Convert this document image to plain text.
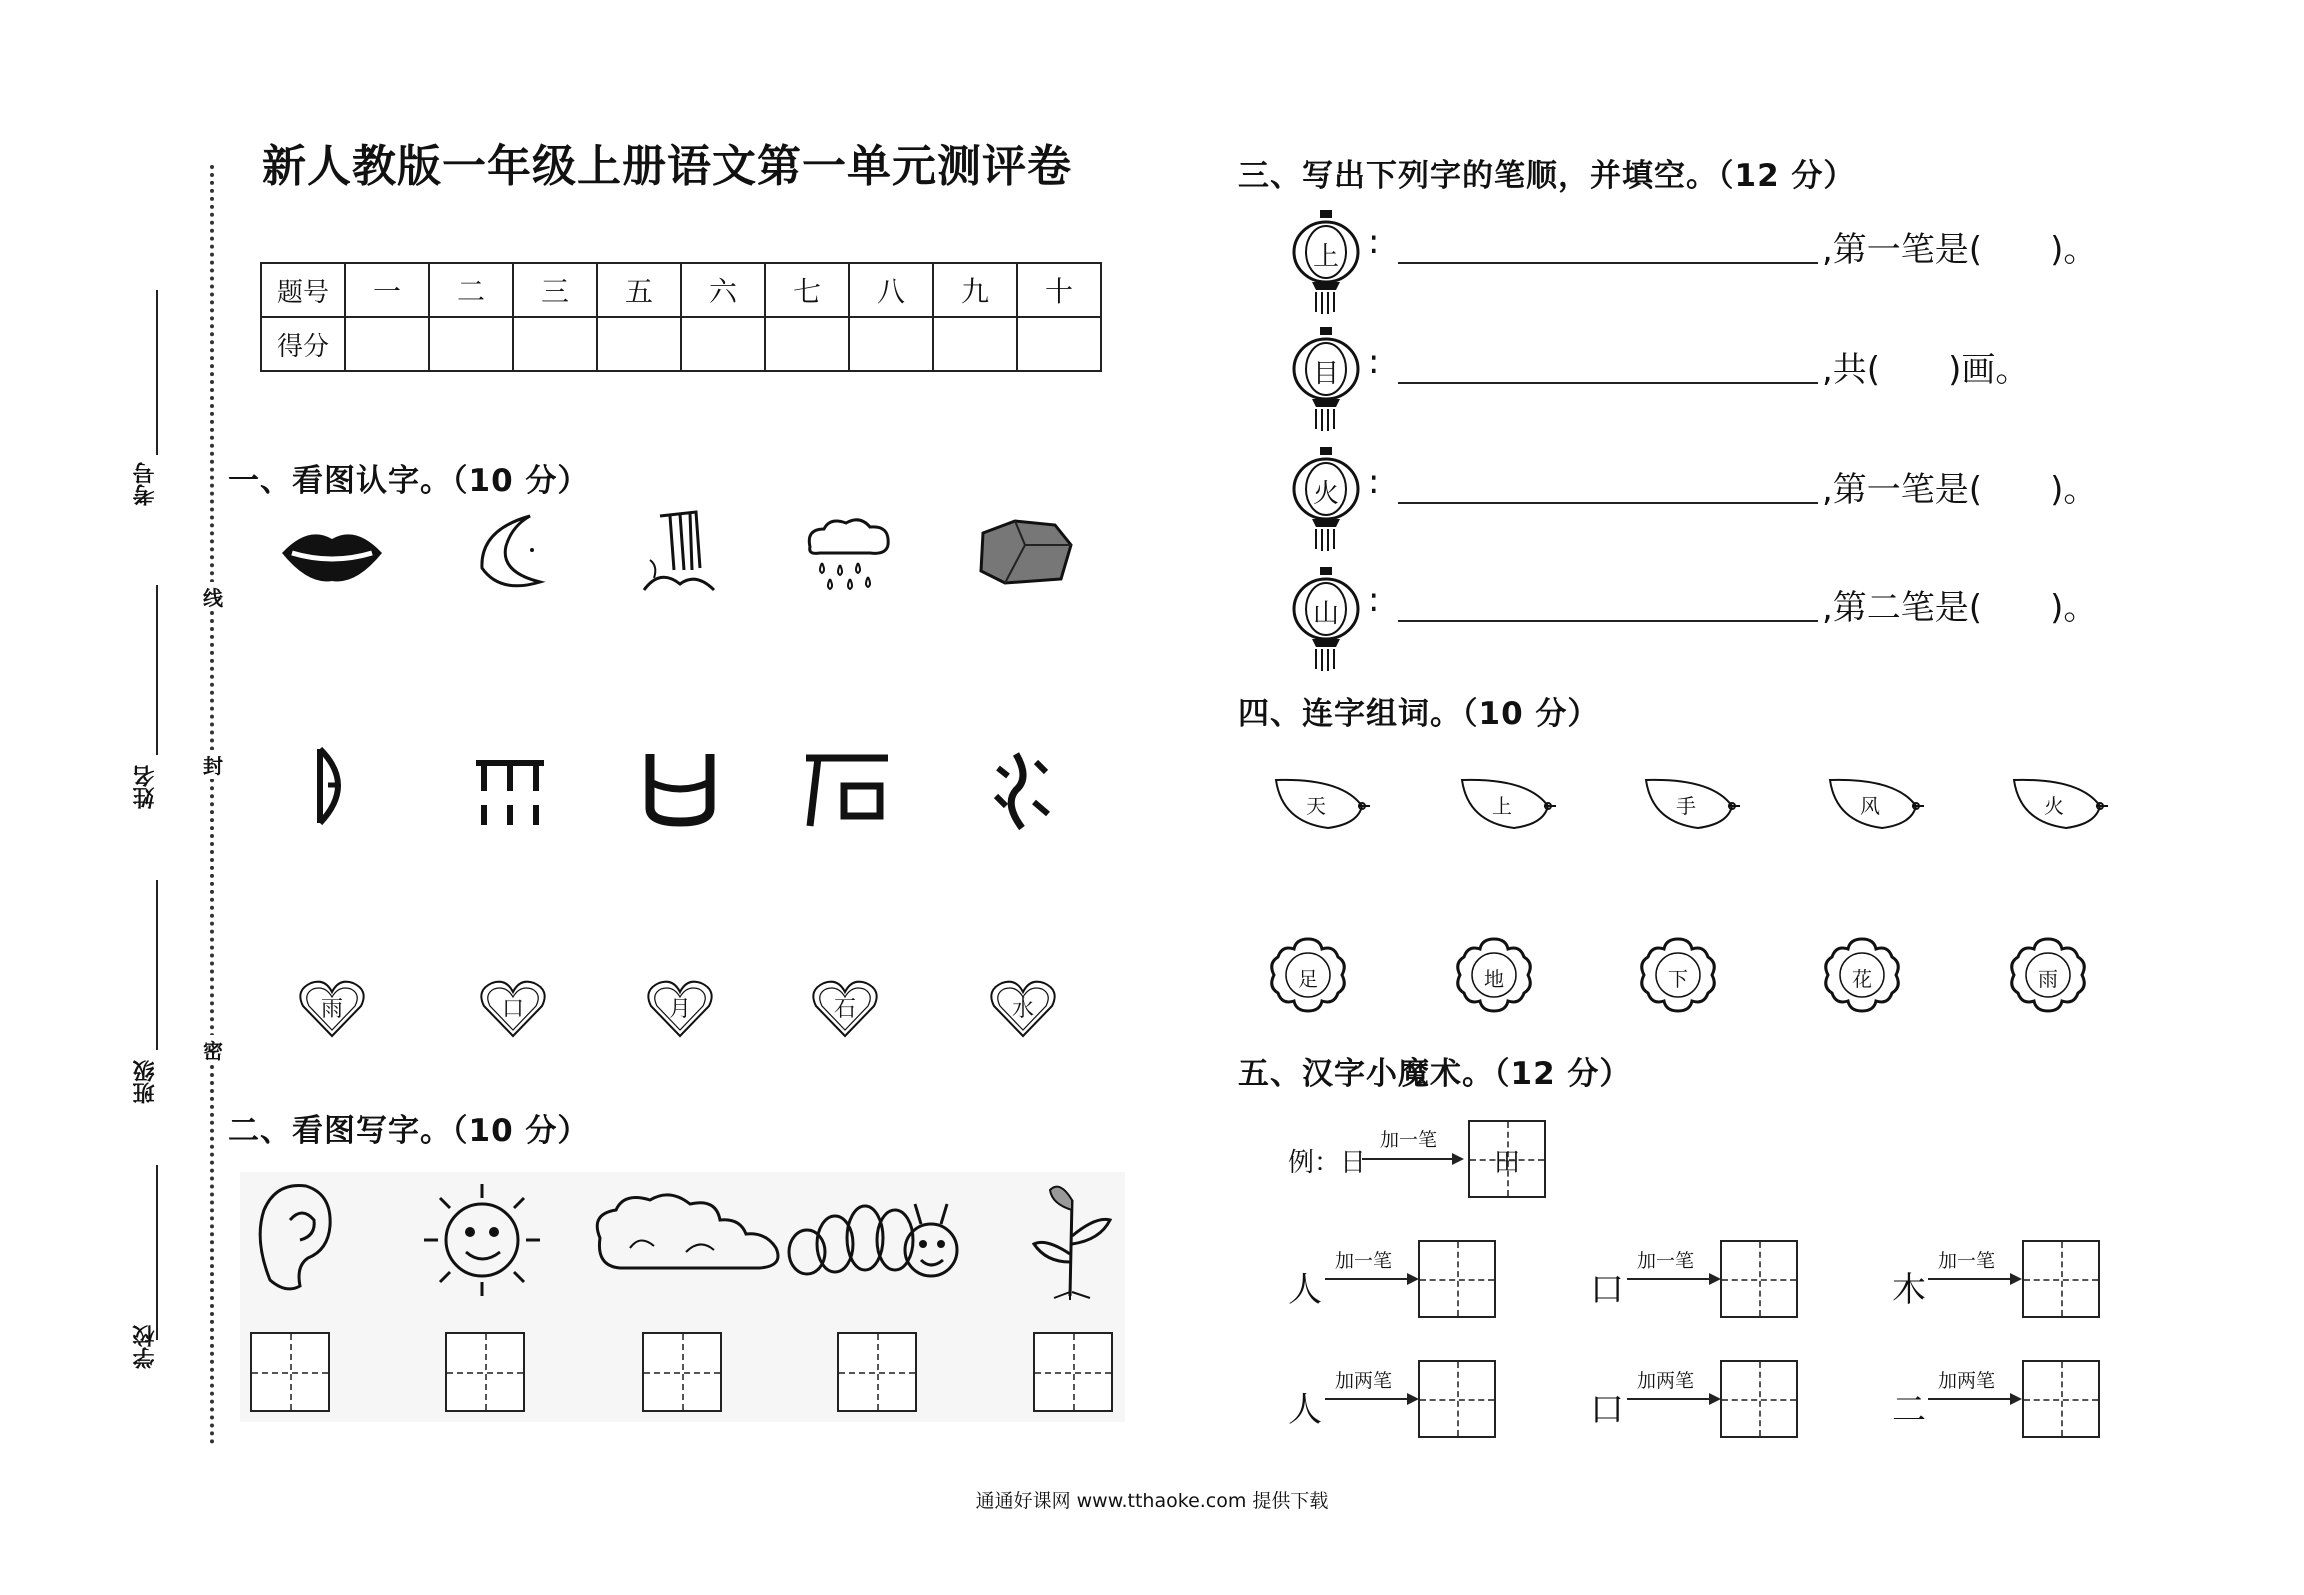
考号
姓名
班级
学校
线
封
密
新人教版一年级上册语文第一单元测评卷
题号	一	二	三	五	六	七	八	九	十
得分									
一、看图认字。（10 分）
雨	口	月	石	水
二、看图写字。（10 分）
三、写出下列字的笔顺，并填空。（12 分）
上 :	,第一笔是(　　)。
目 :	,共(　　)画。
火 :	,第一笔是(　　)。
山 :	,第二笔是(　　)。
四、连字组词。（10 分）
天	上	手	风	火
足	地	下	花	雨
五、汉字小魔术。（12 分）
例：日
加一笔
田
人
加一笔
口
加一笔
木
加一笔
人
加两笔
口
加两笔
二
加两笔
通通好课网 www.tthaoke.com 提供下载
